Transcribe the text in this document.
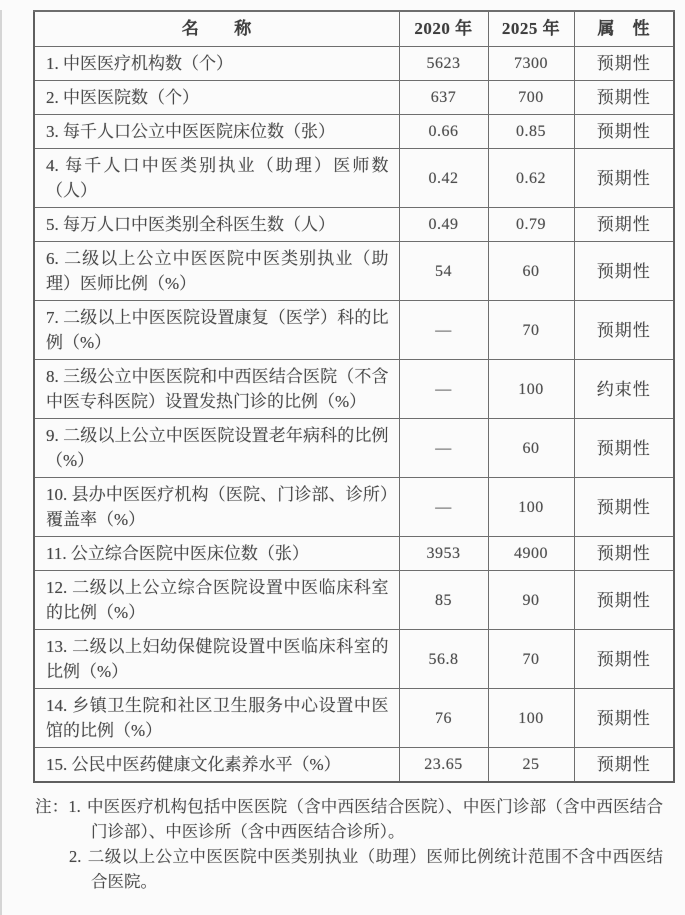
名　　称	2020 年	2025 年	属　性
1. 中医医疗机构数（个）	5623	7300	预期性
2. 中医医院数（个）	637	700	预期性
3. 每千人口公立中医医院床位数（张）	0.66	0.85	预期性
4. 每千人口中医类别执业（助理）医师数（人）	0.42	0.62	预期性
5. 每万人口中医类别全科医生数（人）	0.49	0.79	预期性
6. 二级以上公立中医医院中医类别执业（助理）医师比例（%）	54	60	预期性
7. 二级以上中医医院设置康复（医学）科的比例（%）	—	70	预期性
8. 三级公立中医医院和中西医结合医院（不含中医专科医院）设置发热门诊的比例（%）	—	100	约束性
9. 二级以上公立中医医院设置老年病科的比例（%）	—	60	预期性
10. 县办中医医疗机构（医院、门诊部、诊所）覆盖率（%）	—	100	预期性
11. 公立综合医院中医床位数（张）	3953	4900	预期性
12. 二级以上公立综合医院设置中医临床科室的比例（%）	85	90	预期性
13. 二级以上妇幼保健院设置中医临床科室的比例（%）	56.8	70	预期性
14. 乡镇卫生院和社区卫生服务中心设置中医馆的比例（%）	76	100	预期性
15. 公民中医药健康文化素养水平（%）	23.65	25	预期性
注：1. 中医医疗机构包括中医医院（含中西医结合医院）、中医门诊部（含中西医结合门诊部）、中医诊所（含中西医结合诊所）。
2. 二级以上公立中医医院中医类别执业（助理）医师比例统计范围不含中西医结合医院。
